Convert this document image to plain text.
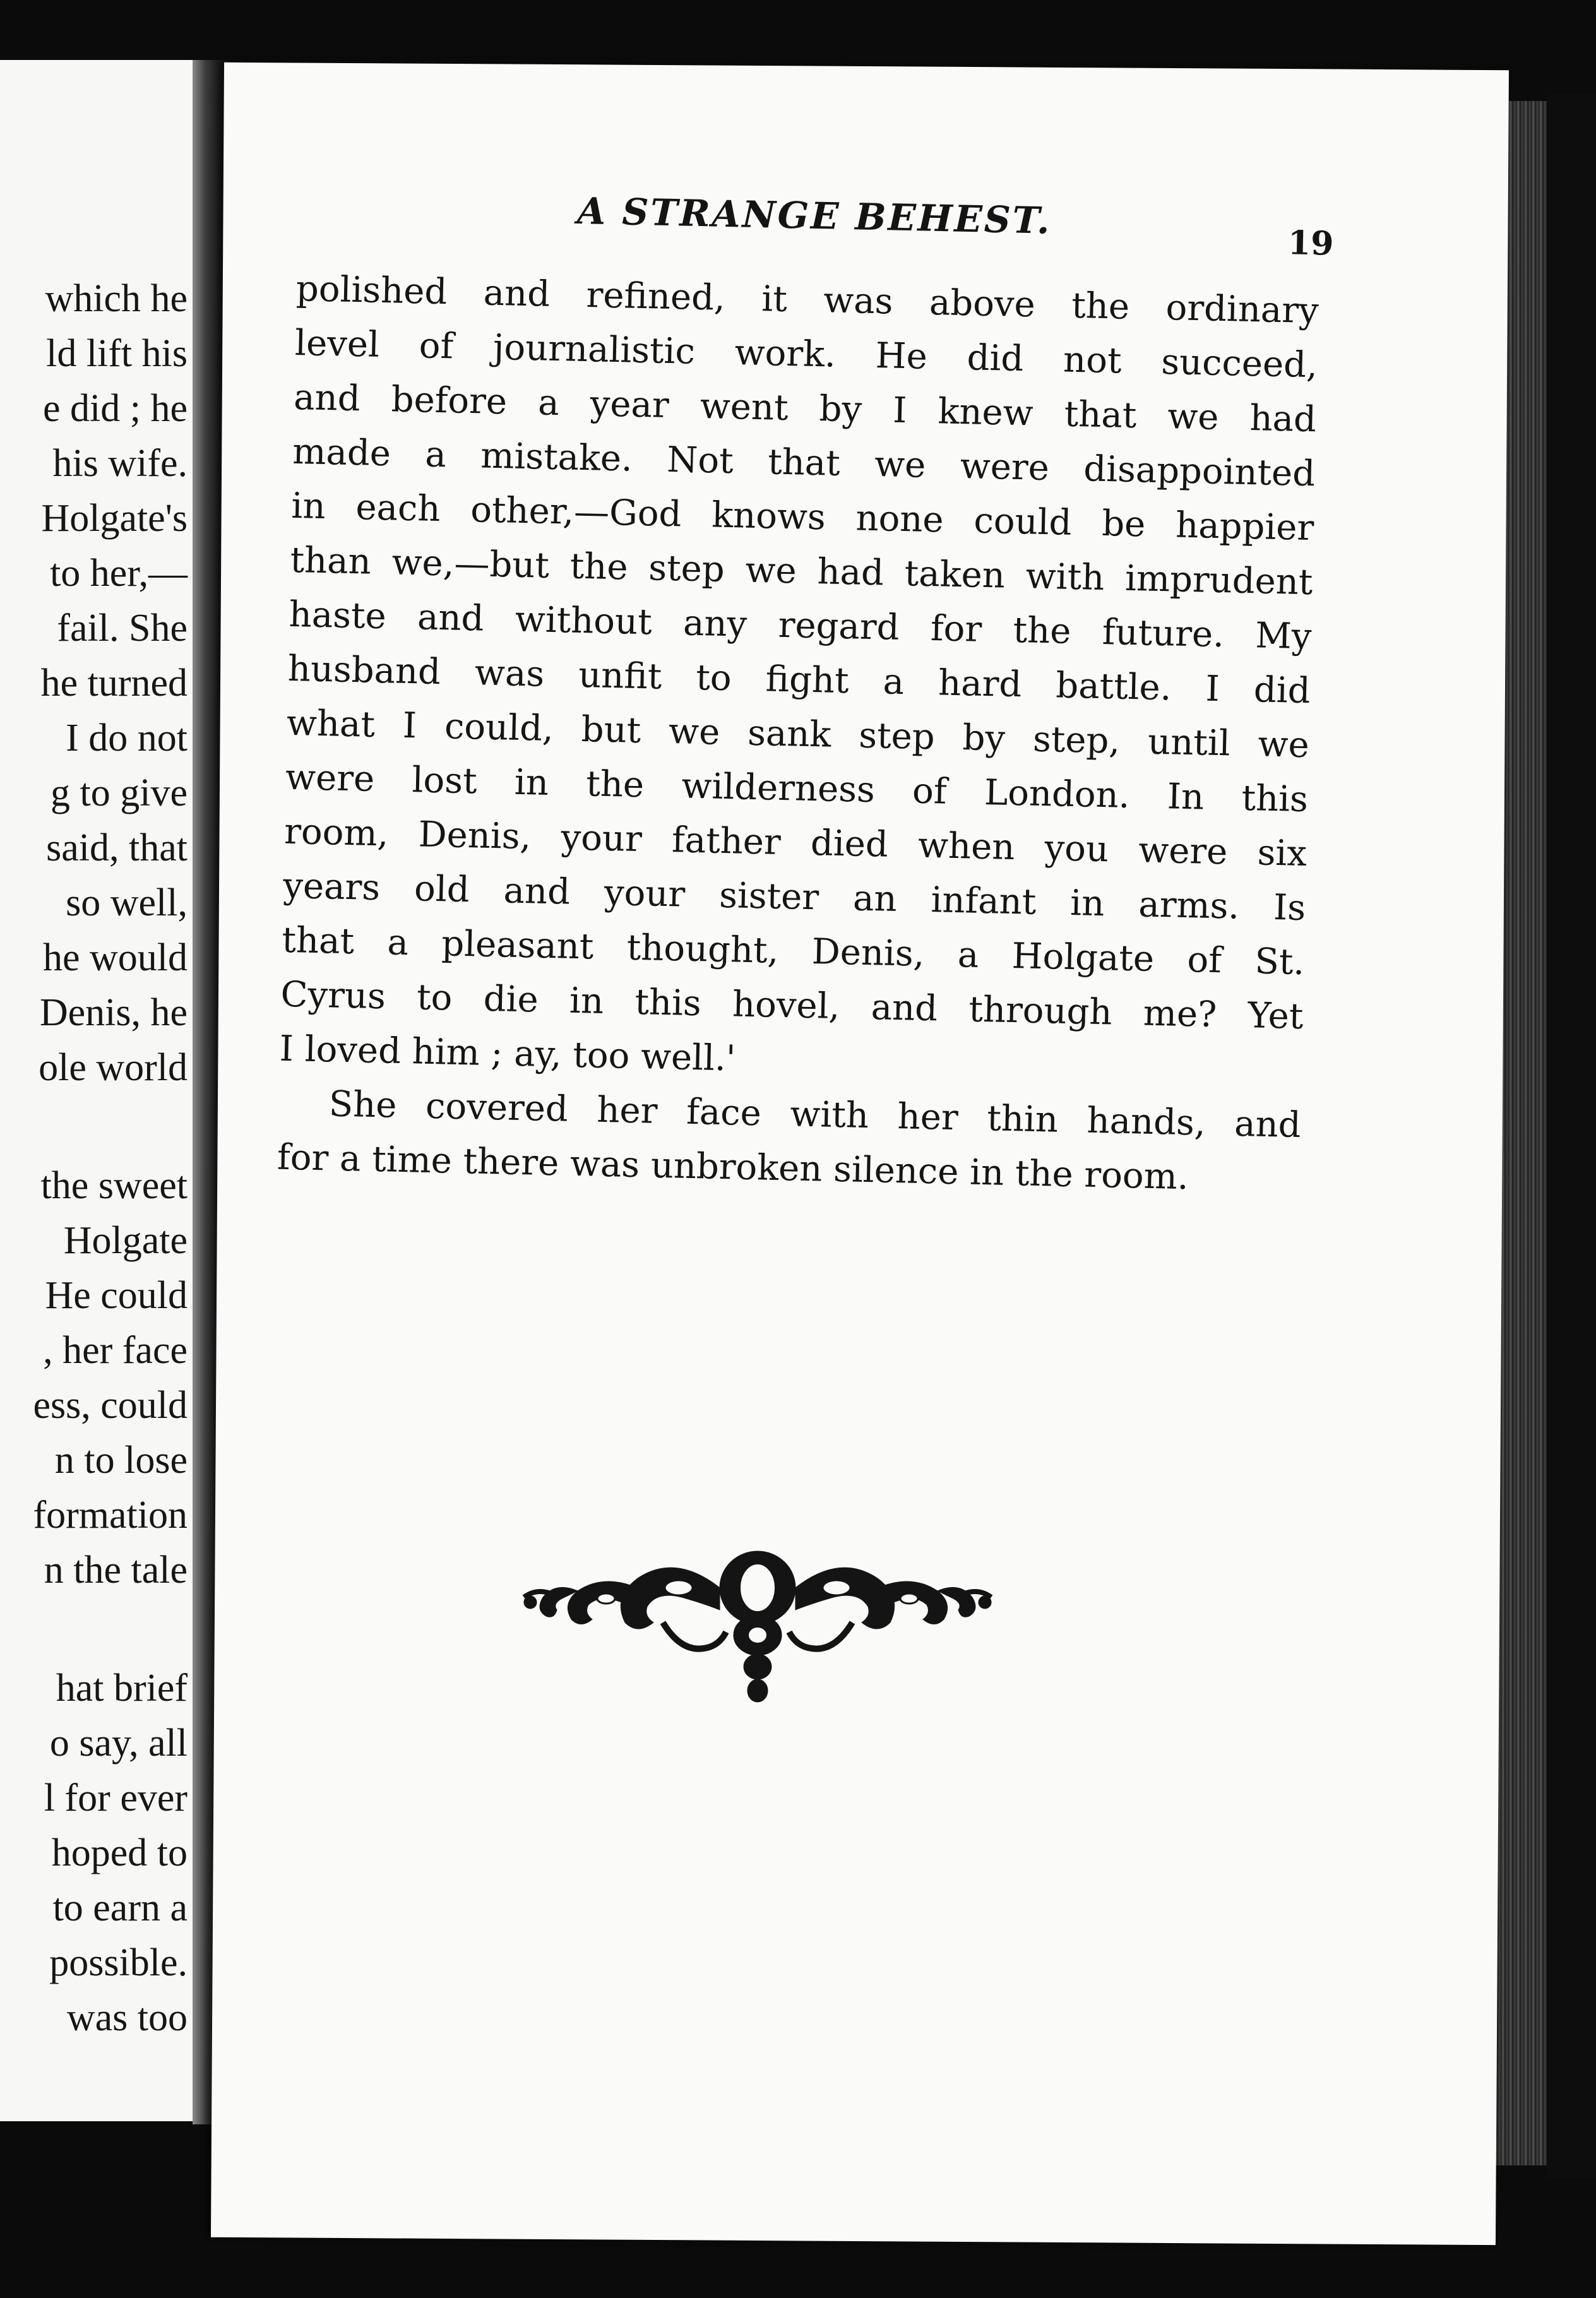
which he
ld lift his
e did ; he
his wife.
Holgate's
to her,—
fail. She
he turned
I do not
g to give
said, that
so well,
he would
Denis, he
ole world
the sweet
Holgate
He could
, her face
ess, could
n to lose
formation
n the tale
hat brief
o say, all
l for ever
hoped to
to earn a
possible.
was too
A STRANGE BEHEST.
19
polished and refined, it was above the ordinary
level of journalistic work. He did not succeed,
and before a year went by I knew that we had
made a mistake. Not that we were disappointed
in each other,—God knows none could be happier
than we,—but the step we had taken with imprudent
haste and without any regard for the future. My
husband was unfit to fight a hard battle. I did
what I could, but we sank step by step, until we
were lost in the wilderness of London. In this
room, Denis, your father died when you were six
years old and your sister an infant in arms. Is
that a pleasant thought, Denis, a Holgate of St.
Cyrus to die in this hovel, and through me? Yet
I loved him ; ay, too well.'
She covered her face with her thin hands, and
for a time there was unbroken silence in the room.
